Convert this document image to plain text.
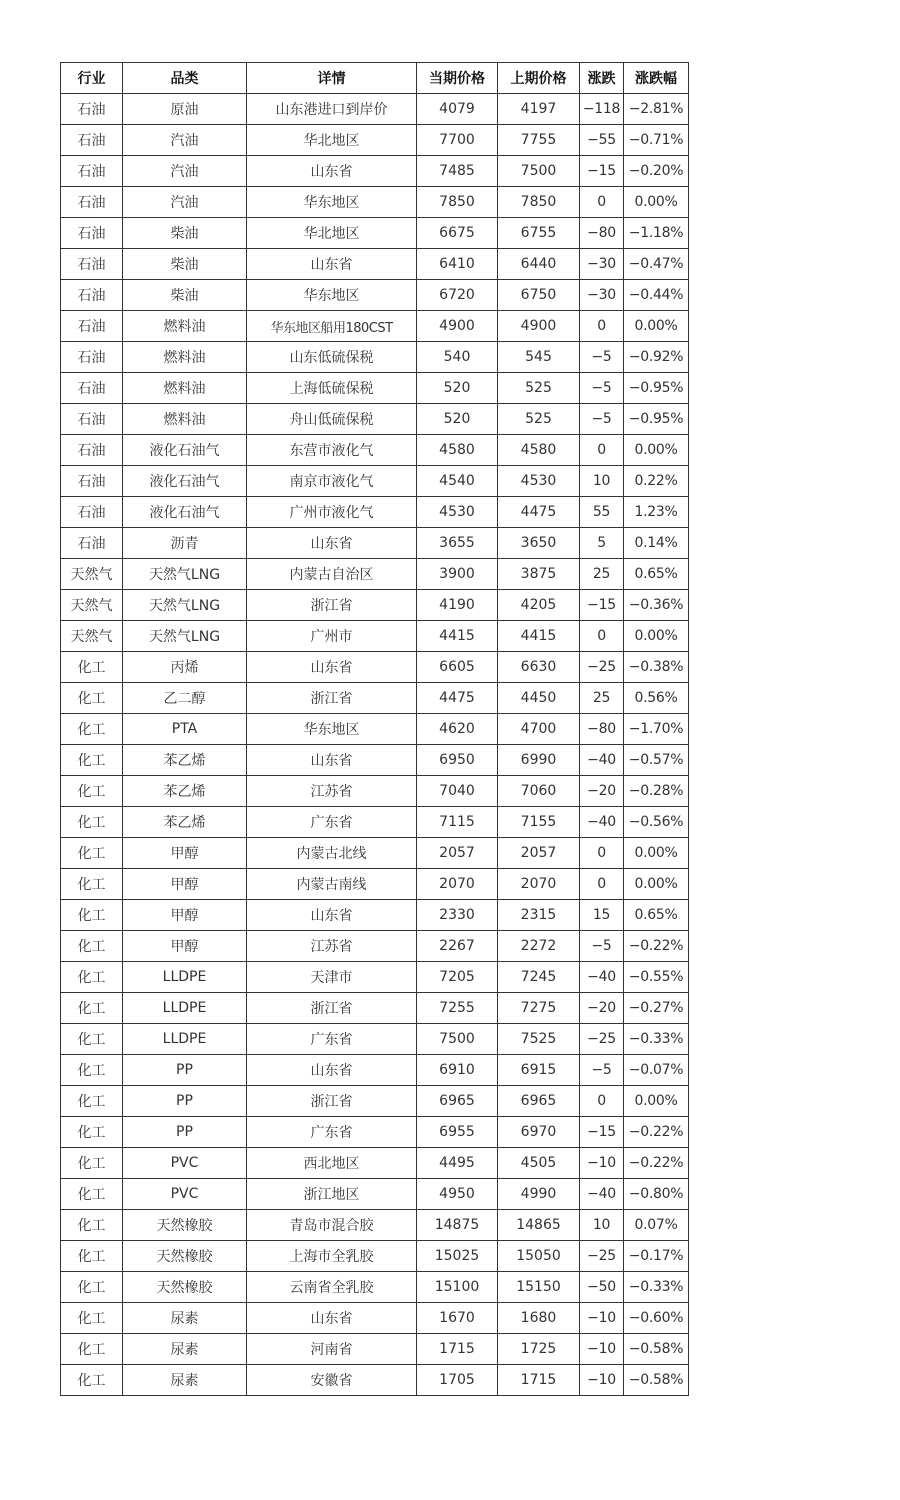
行业	品类	详情	当期价格	上期价格	涨跌	涨跌幅
石油	原油	山东港进口到岸价	4079	4197	−118	−2.81%
石油	汽油	华北地区	7700	7755	−55	−0.71%
石油	汽油	山东省	7485	7500	−15	−0.20%
石油	汽油	华东地区	7850	7850	0	0.00%
石油	柴油	华北地区	6675	6755	−80	−1.18%
石油	柴油	山东省	6410	6440	−30	−0.47%
石油	柴油	华东地区	6720	6750	−30	−0.44%
石油	燃料油	华东地区船用180CST	4900	4900	0	0.00%
石油	燃料油	山东低硫保税	540	545	−5	−0.92%
石油	燃料油	上海低硫保税	520	525	−5	−0.95%
石油	燃料油	舟山低硫保税	520	525	−5	−0.95%
石油	液化石油气	东营市液化气	4580	4580	0	0.00%
石油	液化石油气	南京市液化气	4540	4530	10	0.22%
石油	液化石油气	广州市液化气	4530	4475	55	1.23%
石油	沥青	山东省	3655	3650	5	0.14%
天然气	天然气LNG	内蒙古自治区	3900	3875	25	0.65%
天然气	天然气LNG	浙江省	4190	4205	−15	−0.36%
天然气	天然气LNG	广州市	4415	4415	0	0.00%
化工	丙烯	山东省	6605	6630	−25	−0.38%
化工	乙二醇	浙江省	4475	4450	25	0.56%
化工	PTA	华东地区	4620	4700	−80	−1.70%
化工	苯乙烯	山东省	6950	6990	−40	−0.57%
化工	苯乙烯	江苏省	7040	7060	−20	−0.28%
化工	苯乙烯	广东省	7115	7155	−40	−0.56%
化工	甲醇	内蒙古北线	2057	2057	0	0.00%
化工	甲醇	内蒙古南线	2070	2070	0	0.00%
化工	甲醇	山东省	2330	2315	15	0.65%
化工	甲醇	江苏省	2267	2272	−5	−0.22%
化工	LLDPE	天津市	7205	7245	−40	−0.55%
化工	LLDPE	浙江省	7255	7275	−20	−0.27%
化工	LLDPE	广东省	7500	7525	−25	−0.33%
化工	PP	山东省	6910	6915	−5	−0.07%
化工	PP	浙江省	6965	6965	0	0.00%
化工	PP	广东省	6955	6970	−15	−0.22%
化工	PVC	西北地区	4495	4505	−10	−0.22%
化工	PVC	浙江地区	4950	4990	−40	−0.80%
化工	天然橡胶	青岛市混合胶	14875	14865	10	0.07%
化工	天然橡胶	上海市全乳胶	15025	15050	−25	−0.17%
化工	天然橡胶	云南省全乳胶	15100	15150	−50	−0.33%
化工	尿素	山东省	1670	1680	−10	−0.60%
化工	尿素	河南省	1715	1725	−10	−0.58%
化工	尿素	安徽省	1705	1715	−10	−0.58%
